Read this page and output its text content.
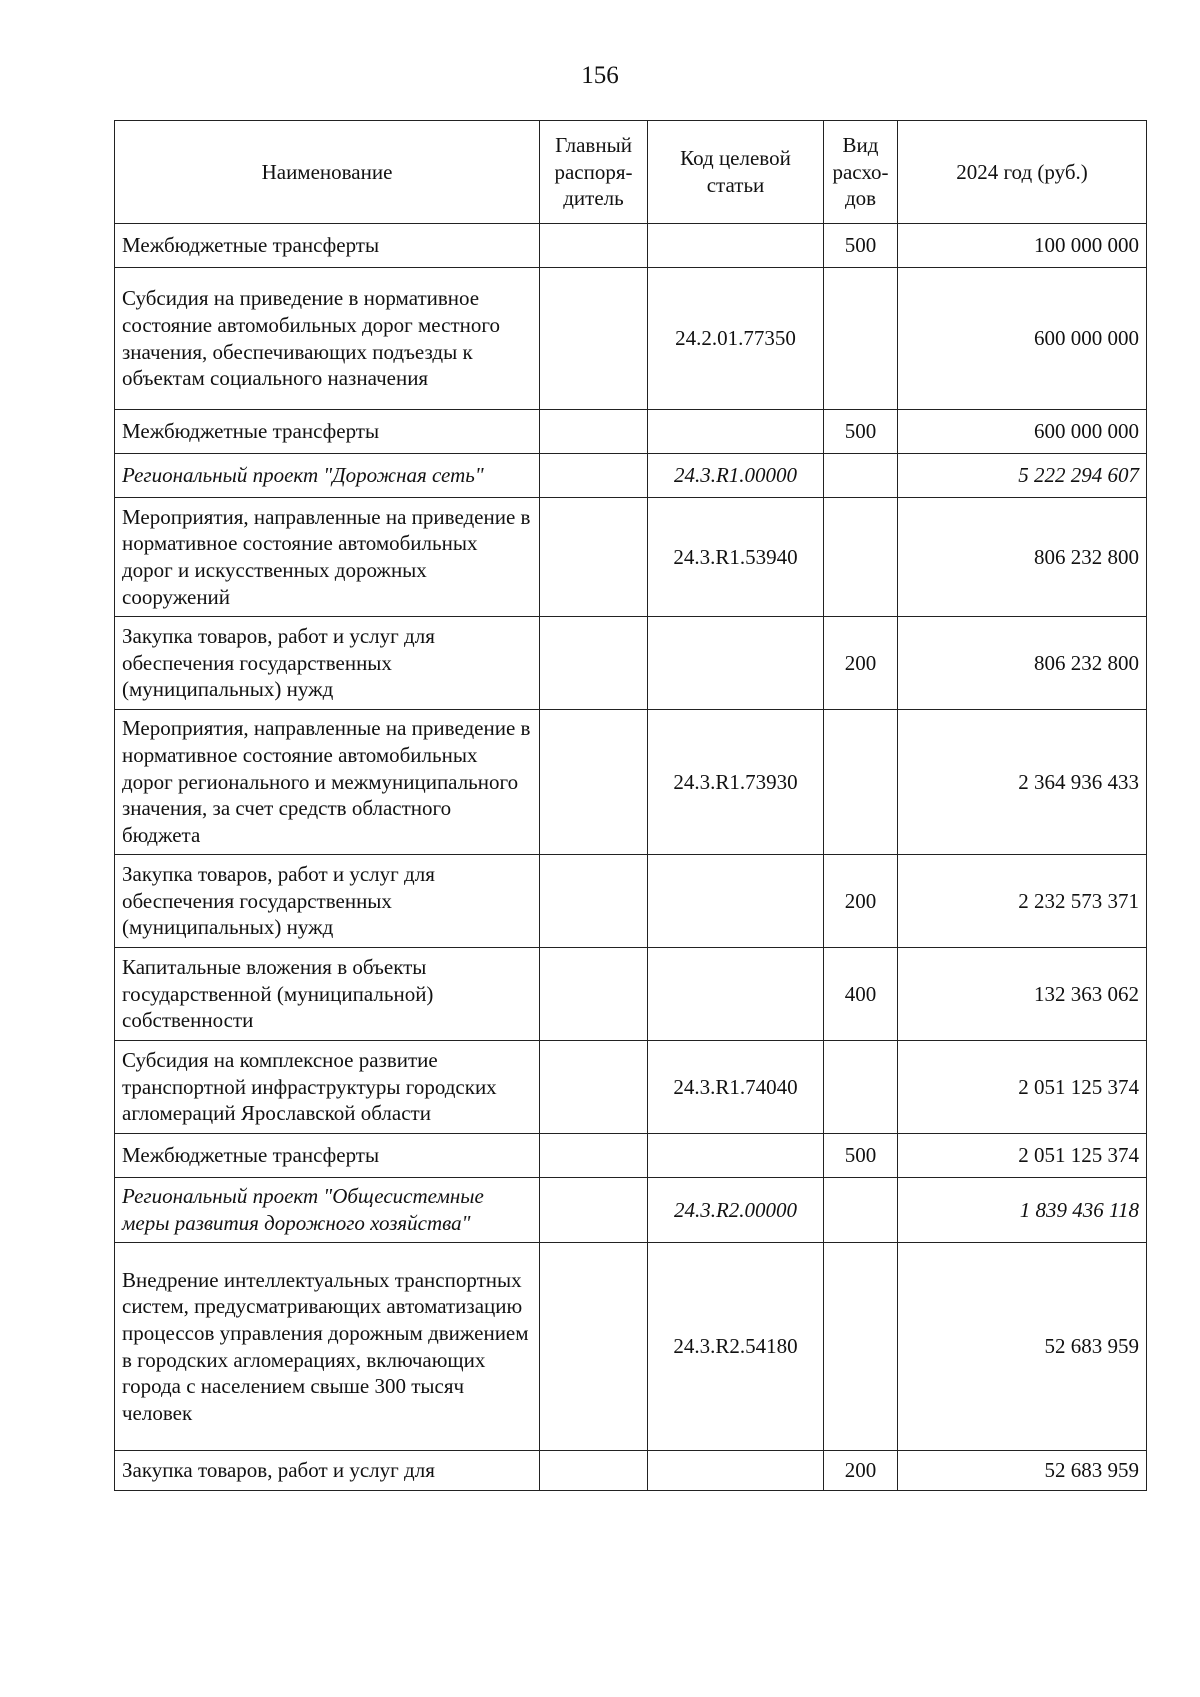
156
Наименование	Главный распоря-дитель	Код целевой статьи	Вид расхо-дов	2024 год (руб.)
Межбюджетные трансферты			500	100 000 000
Субсидия на приведение в нормативное состояние автомобильных дорог местного значения, обеспечивающих подъезды к объектам социального назначения		24.2.01.77350		600 000 000
Межбюджетные трансферты			500	600 000 000
Региональный проект "Дорожная сеть"		24.3.R1.00000		5 222 294 607
Мероприятия, направленные на приведение в нормативное состояние автомобильных дорог и искусственных дорожных сооружений		24.3.R1.53940		806 232 800
Закупка товаров, работ и услуг для обеспечения государственных (муниципальных) нужд			200	806 232 800
Мероприятия, направленные на приведение в нормативное состояние автомобильных дорог регионального и межмуниципального значения, за счет средств областного бюджета		24.3.R1.73930		2 364 936 433
Закупка товаров, работ и услуг для обеспечения государственных (муниципальных) нужд			200	2 232 573 371
Капитальные вложения в объекты государственной (муниципальной) собственности			400	132 363 062
Субсидия на комплексное развитие транспортной инфраструктуры городских агломераций Ярославской области		24.3.R1.74040		2 051 125 374
Межбюджетные трансферты			500	2 051 125 374
Региональный проект "Общесистемные меры развития дорожного хозяйства"		24.3.R2.00000		1 839 436 118
Внедрение интеллектуальных транспортных систем, предусматривающих автоматизацию процессов управления дорожным движением в городских агломерациях, включающих города с населением свыше 300 тысяч человек		24.3.R2.54180		52 683 959
Закупка товаров, работ и услуг для			200	52 683 959
